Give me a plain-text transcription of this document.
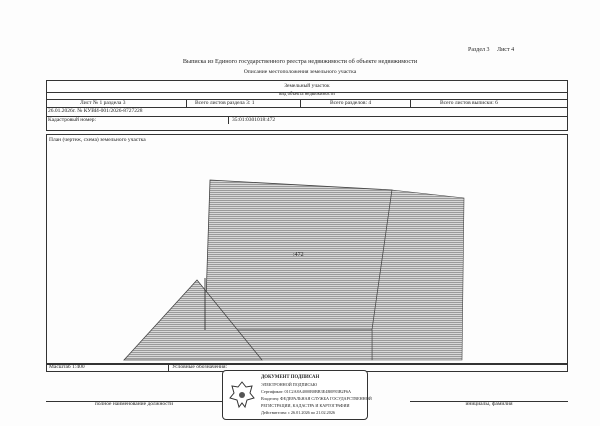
Раздел 3 Лист 4
Выписка из Единого государственного реестра недвижимости об объекте недвижимости
Описание местоположения земельного участка
Земельный участок
вид объекта недвижимости
Лист № 1 раздела 3	Всего листов раздела 3: 1	Всего разделов: 4	Всего листов выписки: 6
26.01.2026г. № КУВИ-001/2026-8727228
Кадастровый номер:	35:01:0301018:472
План (чертеж, схема) земельного участка
:472
Масштаб 1:400	Условные обозначения:
полное наименование должности	инициалы, фамилия
ДОКУМЕНТ ПОДПИСАН
ЭЛЕКТРОННОЙ ПОДПИСЬЮ
Сертификат: 01C2A8A4000B0BB3E4B0F83B2F6A
Владелец: ФЕДЕРАЛЬНАЯ СЛУЖБА ГОСУДАРСТВЕННОЙ
РЕГИСТРАЦИИ, КАДАСТРА И КАРТОГРАФИИ
Действителен: с 26.01.2026 по 21.02.2026
